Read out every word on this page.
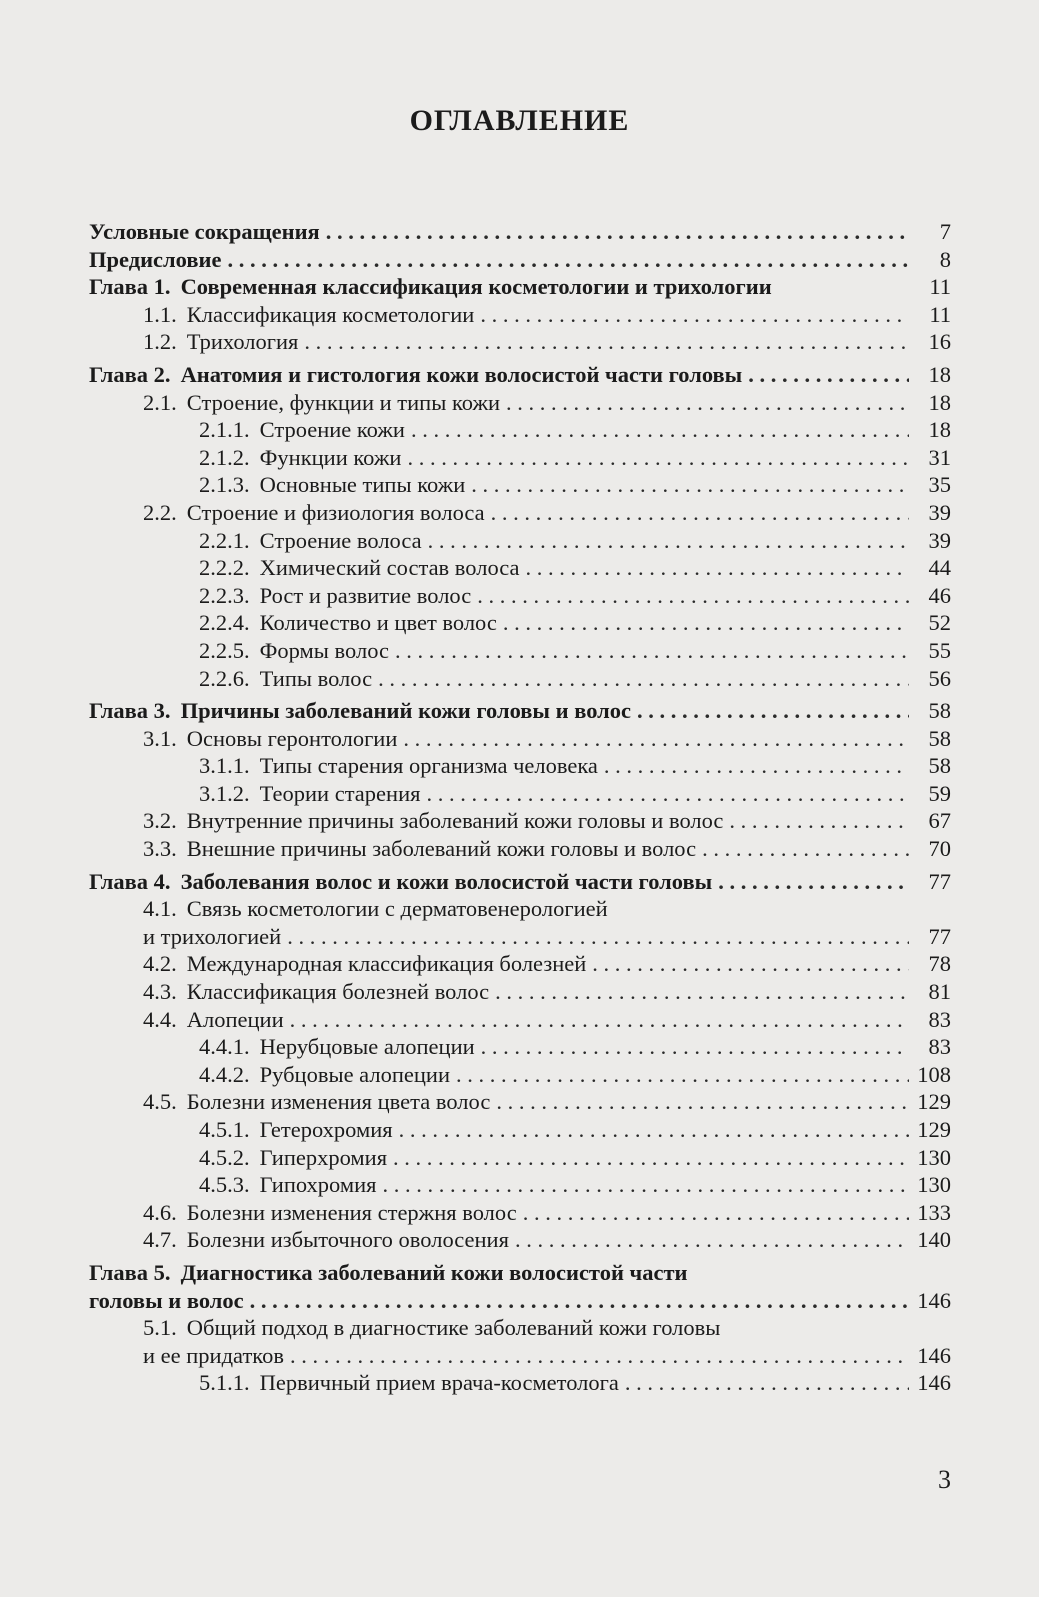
ОГЛАВЛЕНИЕ
Условные сокращения . . .	7
Предисловие . . .	8
Глава 1. Современная классификация косметологии и трихологии	11
1.1. Классификация косметологии . . .	11
1.2. Трихология . . .	16
Глава 2. Анатомия и гистология кожи волосистой части головы . . .	18
2.1. Строение, функции и типы кожи . . .	18
2.1.1. Строение кожи . . .	18
2.1.2. Функции кожи . . .	31
2.1.3. Основные типы кожи . . .	35
2.2. Строение и физиология волоса . . .	39
2.2.1. Строение волоса . . .	39
2.2.2. Химический состав волоса . . .	44
2.2.3. Рост и развитие волос . . .	46
2.2.4. Количество и цвет волос . . .	52
2.2.5. Формы волос . . .	55
2.2.6. Типы волос . . .	56
Глава 3. Причины заболеваний кожи головы и волос . . .	58
3.1. Основы геронтологии . . .	58
3.1.1. Типы старения организма человека . . .	58
3.1.2. Теории старения . . .	59
3.2. Внутренние причины заболеваний кожи головы и волос . . .	67
3.3. Внешние причины заболеваний кожи головы и волос . . .	70
Глава 4. Заболевания волос и кожи волосистой части головы . . .	77
4.1. Связь косметологии с дерматовенерологией
и трихологией . . .	77
4.2. Международная классификация болезней . . .	78
4.3. Классификация болезней волос . . .	81
4.4. Алопеции . . .	83
4.4.1. Нерубцовые алопеции . . .	83
4.4.2. Рубцовые алопеции . . .	108
4.5. Болезни изменения цвета волос . . .	129
4.5.1. Гетерохромия . . .	129
4.5.2. Гиперхромия . . .	130
4.5.3. Гипохромия . . .	130
4.6. Болезни изменения стержня волос . . .	133
4.7. Болезни избыточного оволосения . . .	140
Глава 5. Диагностика заболеваний кожи волосистой части
головы и волос . . .	146
5.1. Общий подход в диагностике заболеваний кожи головы
и ее придатков . . .	146
5.1.1. Первичный прием врача-косметолога . . .	146
3
